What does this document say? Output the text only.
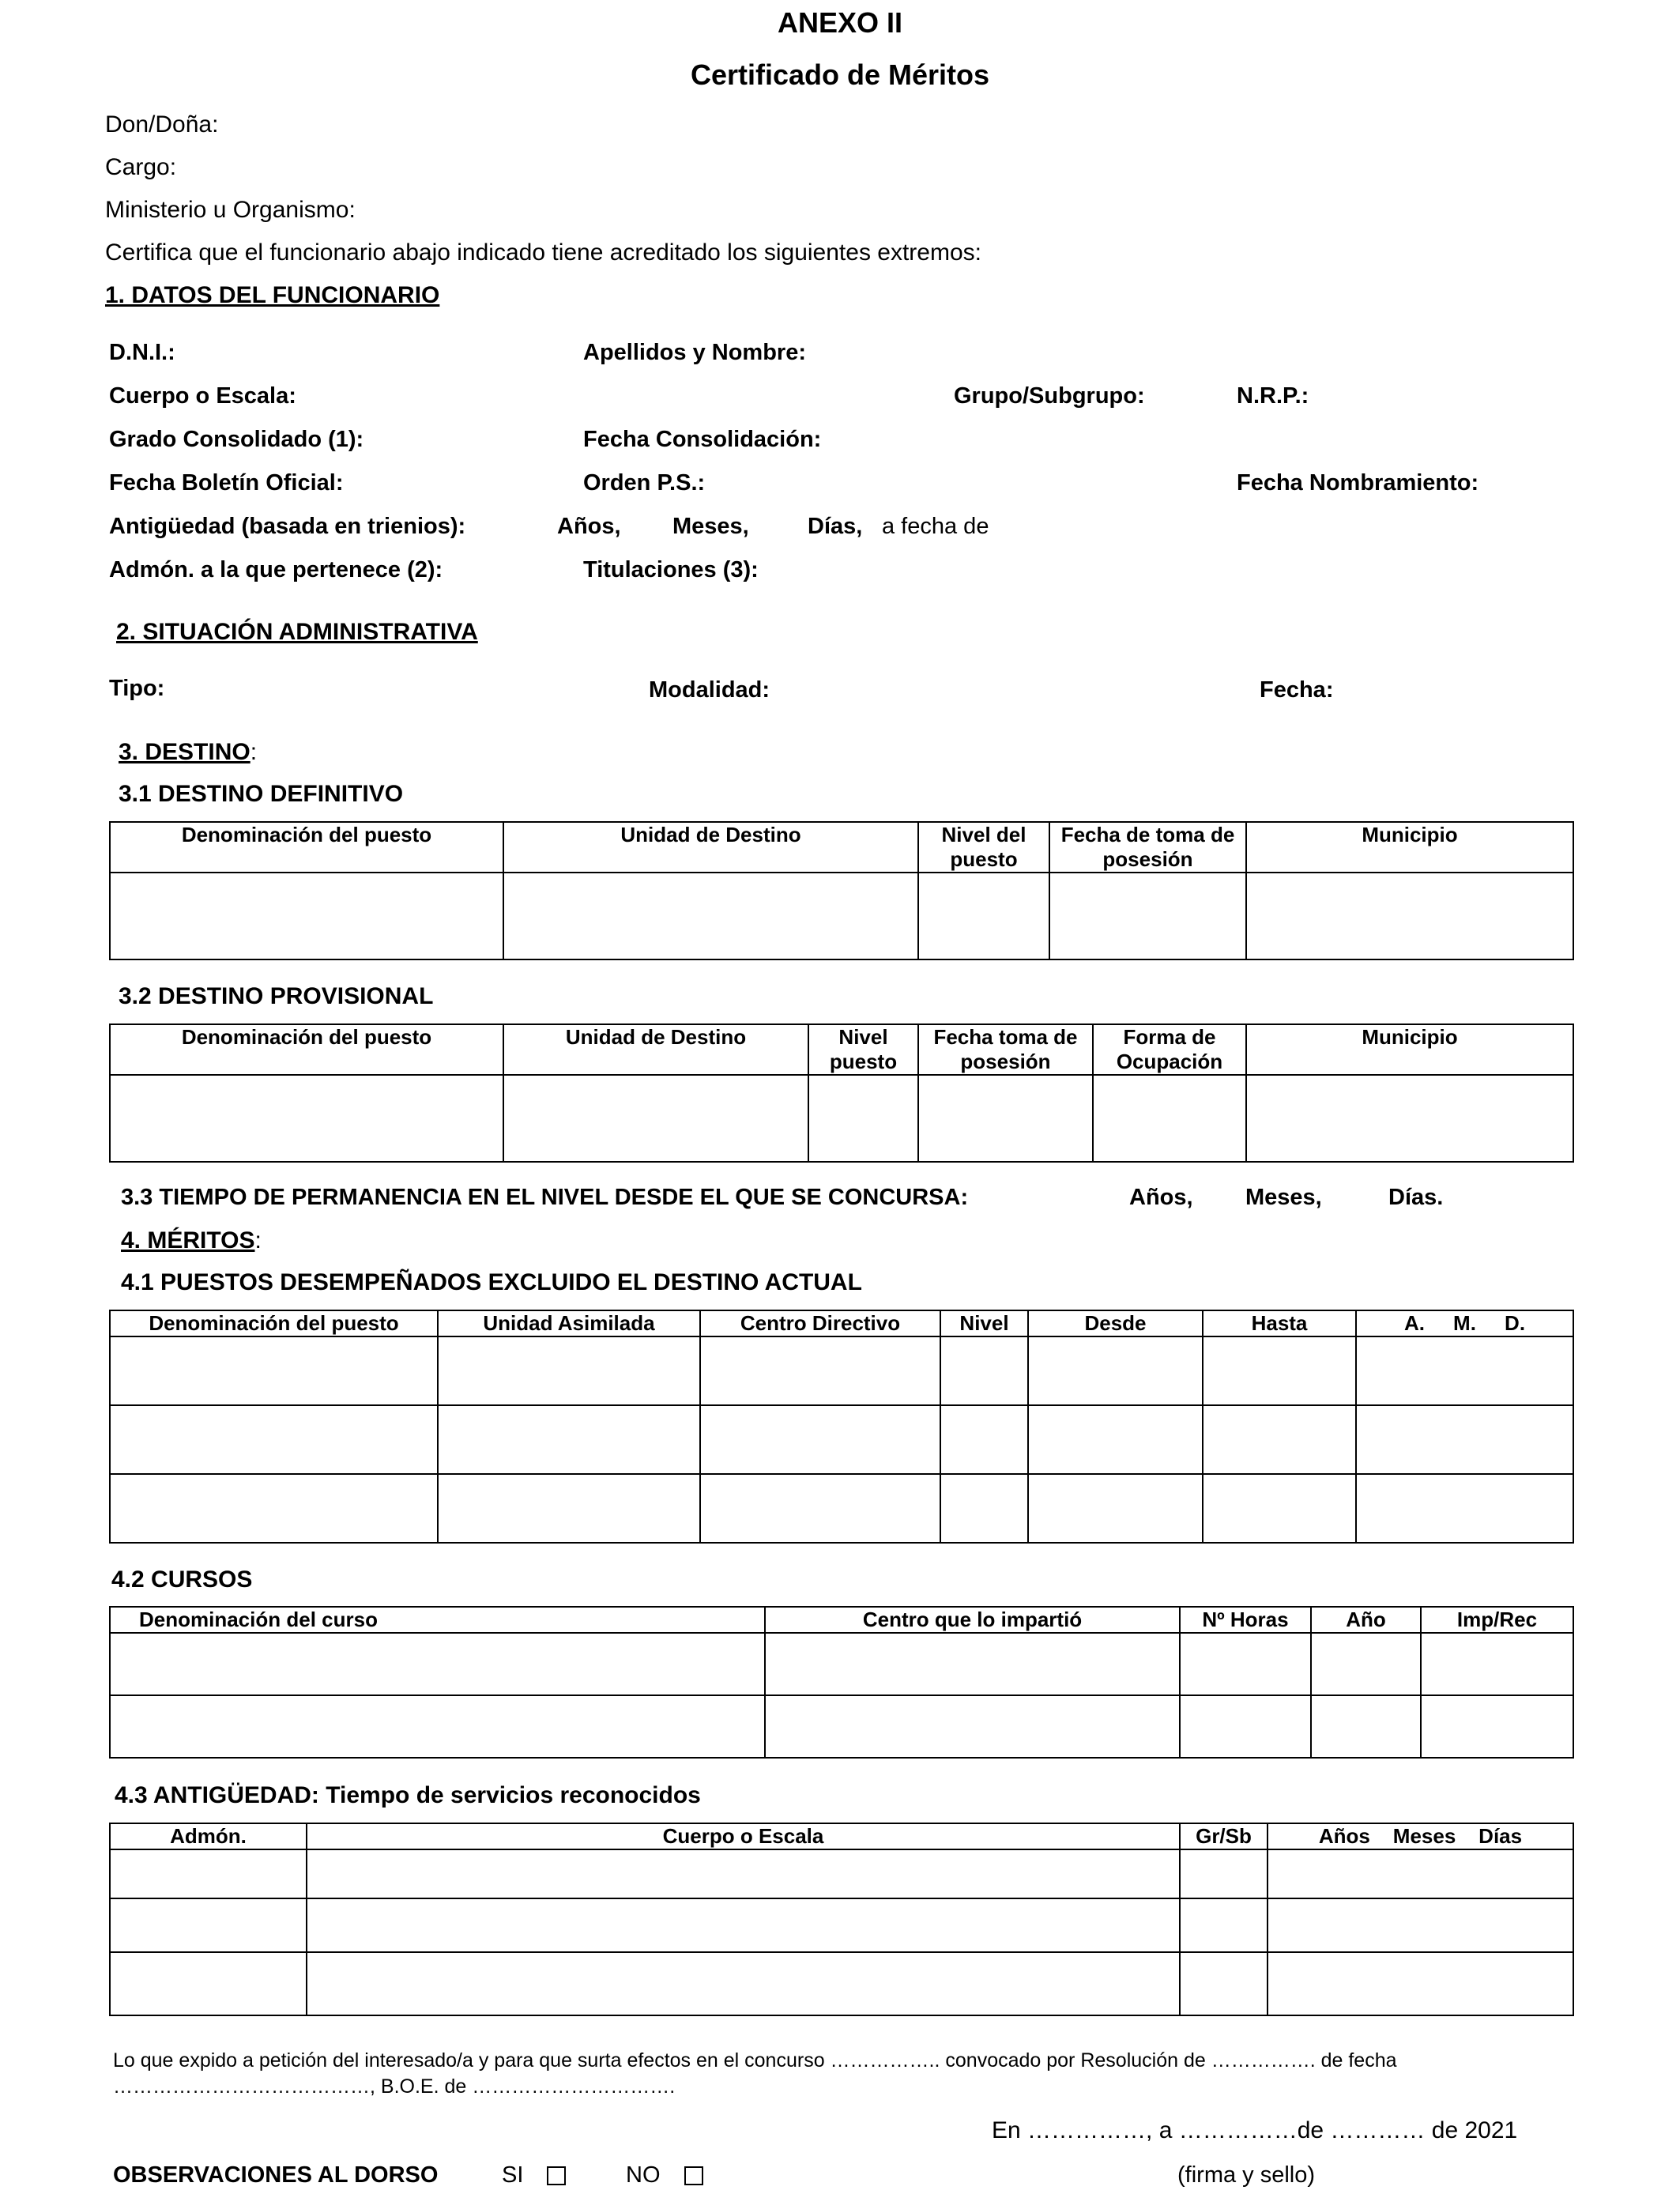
ANEXO II
Certificado de Méritos
Don/Doña:
Cargo:
Ministerio u Organismo:
Certifica que el funcionario abajo indicado tiene acreditado los siguientes extremos:
1. DATOS DEL FUNCIONARIO
D.N.I.:	Apellidos y Nombre:
Cuerpo o Escala:	Grupo/Subgrupo:	N.R.P.:
Grado Consolidado (1):	Fecha Consolidación:
Fecha Boletín Oficial:	Orden P.S.:	Fecha Nombramiento:
Antigüedad (basada en trienios):	Años, Meses,	Días, a fecha de
Admón. a la que pertenece (2):	Titulaciones (3):
2. SITUACIÓN ADMINISTRATIVA
Tipo:	Modalidad:	Fecha:
3. DESTINO:
3.1 DESTINO DEFINITIVO
Denominación del puesto	Unidad de Destino	Nivel del puesto	Fecha de toma de posesión	Municipio

3.2 DESTINO PROVISIONAL
Denominación del puesto	Unidad de Destino	Nivel puesto	Fecha toma de posesión	Forma de Ocupación	Municipio

3.3 TIEMPO DE PERMANENCIA EN EL NIVEL DESDE EL QUE SE CONCURSA:	Años, Meses,	Días.
4. MÉRITOS:
4.1 PUESTOS DESEMPEÑADOS EXCLUIDO EL DESTINO ACTUAL
Denominación del puesto	Unidad Asimilada	Centro Directivo	Nivel	Desde	Hasta	A.     M.     D.

4.2 CURSOS
Denominación del curso	Centro que lo impartió	Nº Horas	Año	Imp/Rec

4.3 ANTIGÜEDAD: Tiempo de servicios reconocidos
Admón.	Cuerpo o Escala	Gr/Sb	Años    Meses    Días

Lo que expido a petición del interesado/a y para que surta efectos en el concurso …………….. convocado por Resolución de ……………. de fecha
…………………………………, B.O.E. de ………………………….
En ……………, a ……………de ………… de 2021
OBSERVACIONES AL DORSO	SI	NO	(firma y sello)
